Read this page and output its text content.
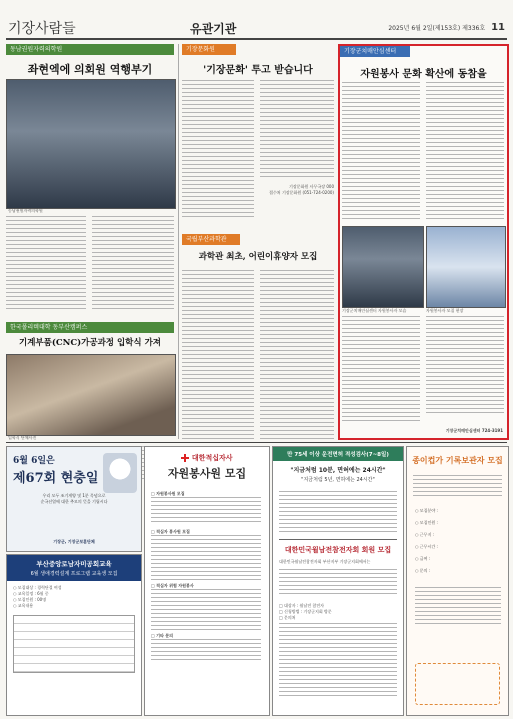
기장사람들	유관기관	2025년 6월 2일(제153호) 제336호 11
동남권원자력의학원
좌현엑에 의회원 역행부기
동남권원자력의학원
한국폴리텍대학 동부산캠퍼스
기계부품(CNC)가공과정 입학식 가져
입학식 단체사진
기장문화원
'기장문화' 투고 받습니다
기장문화원 사무국장 000
접수처 기장문화원 (051-724-0200)
국립부산과학관
과학관 최초, 어린이휴양자 모집
기장군치매안심센터
자원봉사 문화 확산에 동참을
기장군치매안심센터 자원봉사자 모습	자원봉사자 모집 현장
기장군치매안심센터 724-3191
6월 6일은
제67회 현충일
우리 모두 조기게양 및 1분 묵념으로
순국선열에 대한 추모의 뜻을 기립시다
기장군, 기장군보훈단체
부산중앙로남자미공회교육
6월 생애경력설계 프로그램 교육생 모집
○ 모집대상 : 경력단절 여성
○ 교육일정 : 6월 중
○ 모집인원 : 00명
○ 교육내용
대한적십자사
자원봉사원 모집
□ 자원봉사원 모집
□ 적십자 봉사원 모집
□ 적십자 위험 자원봉사
□ 기타 문의
만 75세 이상 운전면허 적성검사(7~8일)
"지금처럼 10분, 면허에는 24시간"
"지금처럼 5년, 면허에는 24시간"
대한민국월남전참전자회 회원 모집
대한민국월남전참전자회 부산지부 기장군지회에서는
□ 대상자 : 월남전 참전자
□ 신청방법 : 기장군지회 방문
□ 문의처
종이컵가 기록보관자 모집
○ 모집분야 :
○ 모집인원 :
○ 근무지 :
○ 근무시간 :
○ 급여 :
○ 문의 :
